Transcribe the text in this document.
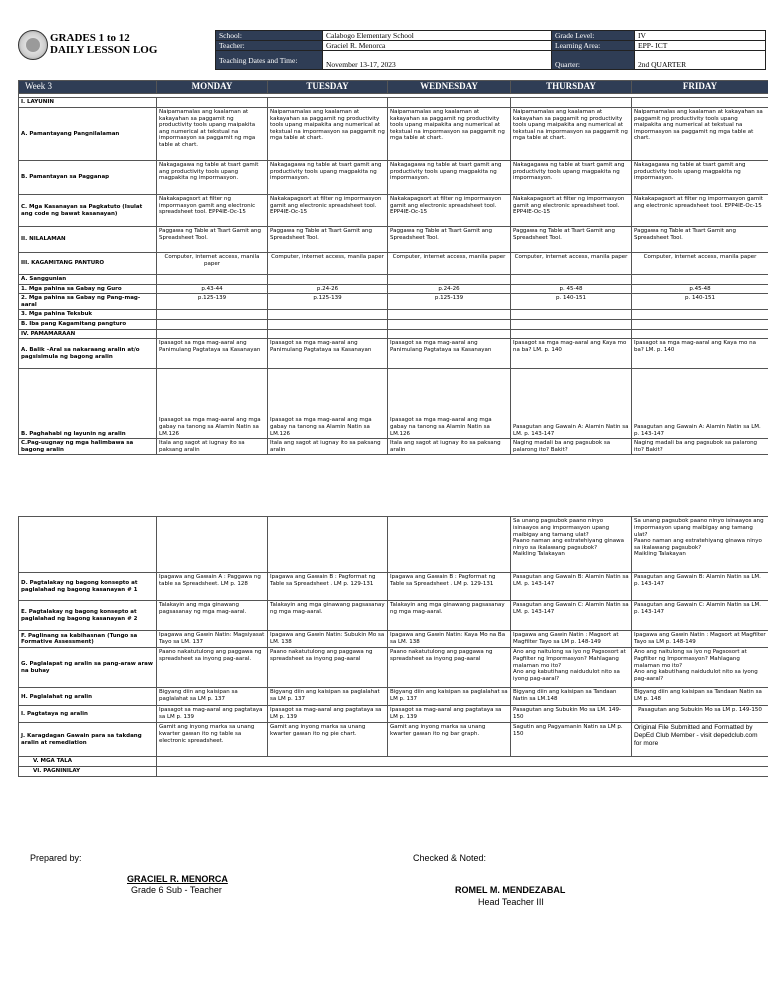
GRADES 1 to 12
DAILY LESSON LOG
School:	Calabogo Elementary School	Grade Level:	IV
Teacher:	Graciel R. Menorca	Learning Area:	EPP- ICT
Teaching Dates and Time:	November 13-17, 2023	Quarter:	2nd QUARTER
Week 3	MONDAY	TUESDAY	WEDNESDAY	THURSDAY	FRIDAY

I. LAYUNIN					
A. Pamantayang Pangnilalaman	Naipamamalas ang kaalaman at kakayahan sa paggamit ng productivity tools upang maipakita ang numerical at tekstual na impormasyon sa paggamit ng mga table at chart.	Naipamamalas ang kaalaman at kakayahan sa paggamit ng productivity tools upang maipakita ang numerical at tekstual na impormasyon sa paggamit ng mga table at chart.	Naipamamalas ang kaalaman at kakayahan sa paggamit ng productivity tools upang maipakita ang numerical at tekstual na impormasyon sa paggamit ng mga table at chart.	Naipamamalas ang kaalaman at kakayahan sa paggamit ng productivity tools upang maipakita ang numerical at tekstual na impormasyon sa paggamit ng mga table at chart.	Naipamamalas ang kaalaman at kakayahan sa paggamit ng productivity tools upang maipakita ang numerical at tekstual na impormasyon sa paggamit ng mga table at chart.
B. Pamantayan sa Pagganap	Nakagagawa ng table at tsart gamit ang productivity tools upang magpakita ng impormasyon.	Nakagagawa ng table at tsart gamit ang productivity tools upang magpakita ng impormasyon.	Nakagagawa ng table at tsart gamit ang productivity tools upang magpakita ng impormasyon.	Nakagagawa ng table at tsart gamit ang productivity tools upang magpakita ng impormasyon.	Nakagagawa ng table at tsart gamit ang productivity tools upang magpakita ng impormasyon.
C. Mga Kasanayan sa Pagkatuto (Isulat ang code ng bawat kasanayan)	Nakakapagsort at filter ng impormasyon gamit ang electronic spreadsheet tool. EPP4IE-Oc-15	Nakakapagsort at filter ng impormasyon gamit ang electronic spreadsheet tool. EPP4IE-Oc-15	Nakakapagsort at filter ng impormasyon gamit ang electronic spreadsheet tool. EPP4IE-Oc-15	Nakakapagsort at filter ng impormasyon gamit ang electronic spreadsheet tool. EPP4IE-Oc-15	Nakakapagsort at filter ng impormasyon gamit ang electronic spreadsheet tool. EPP4IE-Oc-15
II. NILALAMAN	Paggawa ng Table at Tsart Gamit ang Spreadsheet Tool.	Paggawa ng Table at Tsart Gamit ang Spreadsheet Tool.	Paggawa ng Table at Tsart Gamit ang Spreadsheet Tool.	Paggawa ng Table at Tsart Gamit ang Spreadsheet Tool.	Paggawa ng Table at Tsart Gamit ang Spreadsheet Tool.
III. KAGAMITANG PANTURO	Computer, internet access, manila paper	Computer, internet access, manila paper	Computer, internet access, manila paper	Computer, internet access, manila paper	Computer, internet access, manila paper
A. Sanggunian					
1. Mga pahina sa Gabay ng Guro	p.43-44	p.24-26	p.24-26	p. 45-48	p.45-48
2. Mga pahina sa Gabay ng Pang-mag-aaral	p.125-139	p.125-139	p.125-139	p. 140-151	p. 140-151
3. Mga pahina Teksbuk					
B. Iba pang Kagamitang pangturo					
IV. PAMAMARAAN					
A. Balik –Aral sa nakaraang aralin at/o pagsisimula ng bagong aralin	Ipasagot sa mga mag-aaral ang Panimulang Pagtataya sa Kasanayan	Ipasagot sa mga mag-aaral ang Panimulang Pagtataya sa Kasanayan	Ipasagot sa mga mag-aaral ang Panimulang Pagtataya sa Kasanayan	Ipasagot sa mga mag-aaral ang Kaya mo na ba? LM. p. 140	Ipasagot sa mga mag-aaral ang Kaya mo na ba? LM. p. 140
B. Paghahabi ng layunin ng aralin	Ipasagot sa mga mag-aaral ang mga gabay na tanong sa Alamin Natin sa LM.126	Ipasagot sa mga mag-aaral ang mga gabay na tanong sa Alamin Natin sa LM.126	Ipasagot sa mga mag-aaral ang mga gabay na tanong sa Alamin Natin sa LM.126	Pasagutan ang Gawain A: Alamin Natin sa LM. p. 143-147	Pasagutan ang Gawain A: Alamin Natin sa LM. p. 143-147
C.Pag-uugnay ng mga halimbawa sa bagong aralin	Itala ang sagot at iugnay ito sa paksang aralin	Itala ang sagot at iugnay ito sa paksang aralin	Itala ang sagot at iugnay ito sa paksang aralin	Naging madali ba ang pagsubok sa palarong ito? Bakit?	Naging madali ba ang pagsubok sa palarong ito? Bakit?

				Sa unang pagsubok paano ninyo isinaayos ang impormasyon upang maibigay ang tamang ulat?
Paano naman ang estratehiyang ginawa ninyo sa ikalawang pagsubok?
Maikling Talakayan	Sa unang pagsubok paano ninyo isinaayos ang impormasyon upang maibigay ang tamang ulat?
Paano naman ang estratehiyang ginawa ninyo sa ikalawang pagsubok?
Maikling Talakayan
D. Pagtalakay ng bagong konsepto at paglalahad ng bagong kasanayan # 1	Ipagawa ang Gawain A : Paggawa ng table sa Spreadsheet. LM p. 128	Ipagawa ang Gawain B : Pagformat ng Table sa Spreadsheet . LM p. 129-131	Ipagawa ang Gawain B : Pagformat ng Table sa Spreadsheet . LM p. 129-131	Pasagutan ang Gawain B: Alamin Natin sa LM. p. 143-147	Pasagutan ang Gawain B: Alamin Natin sa LM. p. 143-147
E. Pagtalakay ng bagong konsepto at paglalahad ng bagong kasanayan # 2	Talakayin ang mga ginawang pagsasanay ng mga mag-aaral.	Talakayin ang mga ginawang pagsasanay ng mga mag-aaral.	Talakayin ang mga ginawang pagsasanay ng mga mag-aaral.	Pasagutan ang Gawain C: Alamin Natin sa LM. p. 143-147	Pasagutan ang Gawain C: Alamin Natin sa LM. p. 143-147
F. Paglinang sa kabihasnan (Tungo sa Formative Assessment)	Ipagawa ang Gawin Natin: Magsiyasat Tayo sa LM. 137	Ipagawa ang Gawin Natin: Subukin Mo sa LM. 138	Ipagawa ang Gawin Natin: Kaya Mo na Ba sa LM. 138	Ipagawa ang Gawin Natin : Magsort at Magfilter Tayo sa LM p. 148-149	Ipagawa ang Gawin Natin : Magsort at Magfilter Tayo sa LM p. 148-149
G. Paglalapat ng aralin sa pang-araw araw na buhay	Paano nakatutulong ang paggawa ng spreadsheet sa inyong pag-aaral.	Paano nakatutulong ang paggawa ng spreadsheet sa inyong pag-aaral	Paano nakatutulong ang paggawa ng spreadsheet sa inyong pag-aaral	Ano ang naitulong sa iyo ng Pagsosort at Pagfilter ng Impormasyon? Mahlagang malaman mo ito?
Ano ang kabutihang naidudulot nito sa iyong pag-aaral?	Ano ang naitulong sa iyo ng Pagsosort at Pagfilter ng Impormasyon? Mahlagang malaman mo ito?
Ano ang kabutihang naidudulot nito sa iyong pag-aaral?
H. Paglalahat ng aralin	Bigyang diin ang kaisipan sa paglalahat sa LM p. 137	Bigyang diin ang kaisipan sa paglalahat sa LM p. 137	Bigyang diin ang kaisipan sa paglalahat sa LM p. 137	Bigyang diin ang kaisipan sa Tandaan Natin sa LM.148	Bigyang diin ang kaisipan sa Tandaan Natin sa LM p. 148
I. Pagtataya ng aralin	Ipasagot sa mag-aaral ang pagtataya sa LM p. 139	Ipasagot sa mag-aaral ang pagtataya sa LM p. 139	Ipasagot sa mag-aaral ang pagtataya sa LM p. 139	Pasagutan ang Subukin Mo sa LM. 149-150	Pasagutan ang Subukin Mo sa LM p. 149-150
J. Karagdagan Gawain para sa takdang aralin at remediation	Gamit ang inyong marka sa unang kwarter gawan ito ng table sa electronic spreadsheet.	Gamit ang inyong marka sa unang kwarter gawan ito ng pie chart.	Gamit ang inyong marka sa unang kwarter gawan ito ng bar graph.	Sagutin ang Pagyamanin Natin sa LM p. 150	Original File Submitted and Formatted by DepEd Club Member - visit depedclub.com for more
V. MGA TALA					
VI. PAGNINILAY					
Prepared by:
GRACIEL R. MENORCA
Grade 6 Sub - Teacher
Checked & Noted:
ROMEL M. MENDEZABAL
Head Teacher III
